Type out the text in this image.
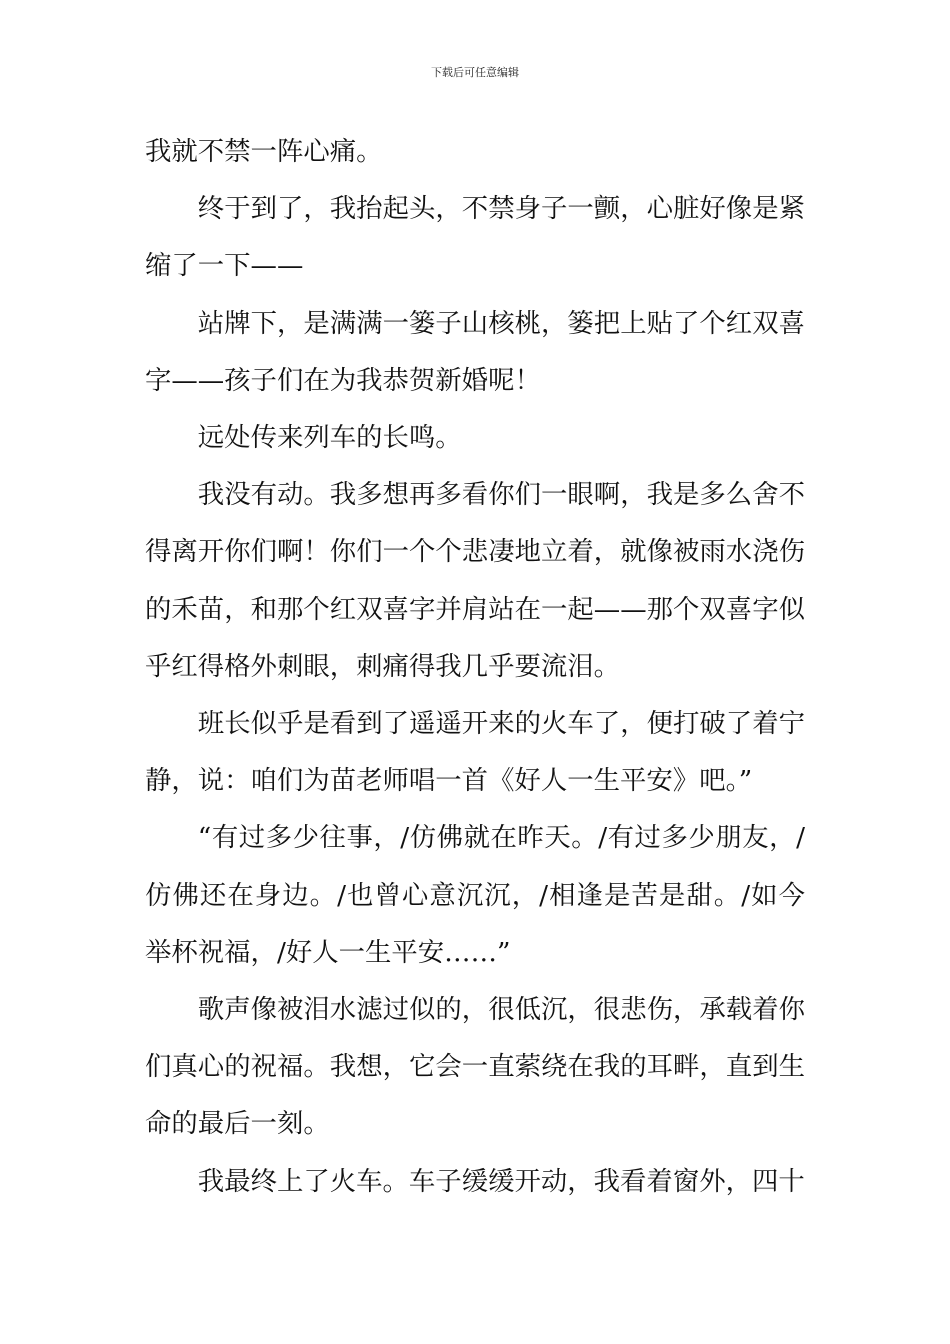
下载后可任意编辑

我就不禁一阵心痛。

终于到了，我抬起头，不禁身子一颤，心脏好像是紧缩了一下——

站牌下，是满满一篓子山核桃，篓把上贴了个红双喜字——孩子们在为我恭贺新婚呢！

远处传来列车的长鸣。

我没有动。我多想再多看你们一眼啊，我是多么舍不得离开你们啊！你们一个个悲凄地立着，就像被雨水浇伤的禾苗，和那个红双喜字并肩站在一起——那个双喜字似乎红得格外刺眼，刺痛得我几乎要流泪。

班长似乎是看到了遥遥开来的火车了，便打破了着宁静，说：咱们为苗老师唱一首《好人一生平安》吧。”

“有过多少往事，/仿佛就在昨天。/有过多少朋友，/仿佛还在身边。/也曾心意沉沉，/相逢是苦是甜。/如今举杯祝福，/好人一生平安……”

歌声像被泪水滤过似的，很低沉，很悲伤，承载着你们真心的祝福。我想，它会一直萦绕在我的耳畔，直到生命的最后一刻。

我最终上了火车。车子缓缓开动，我看着窗外，四十
